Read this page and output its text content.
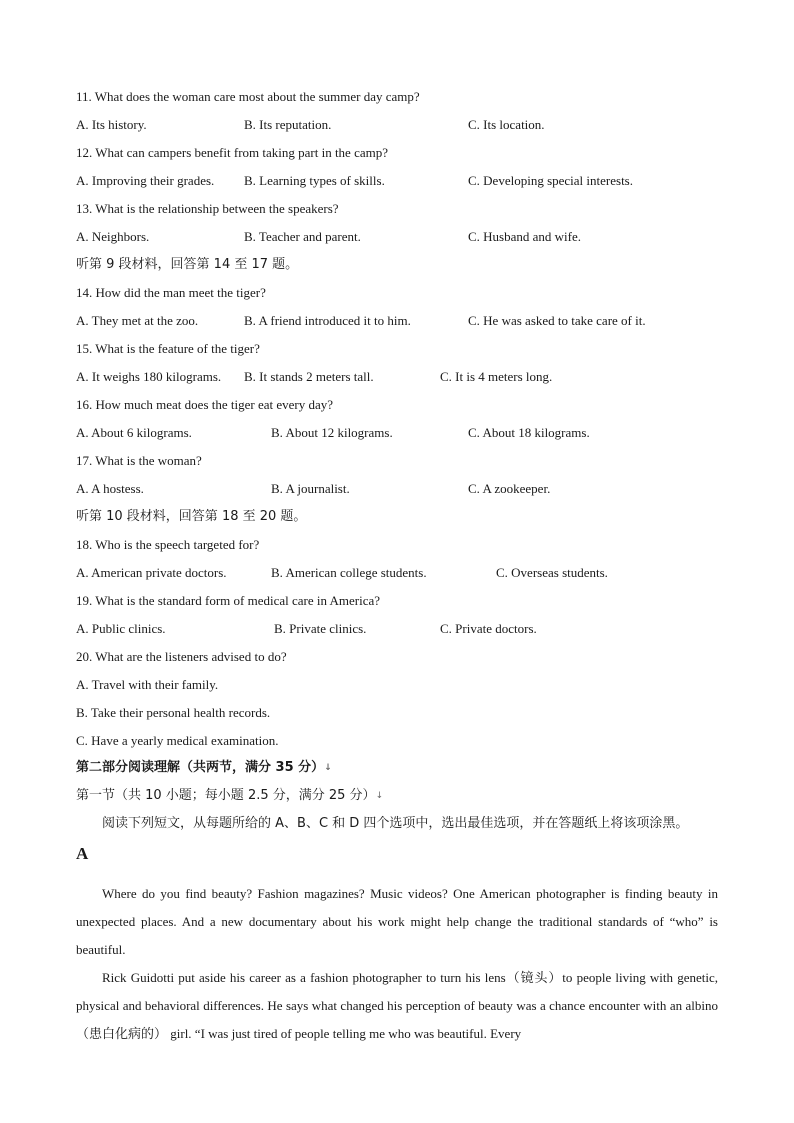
11. What does the woman care most about the summer day camp?
A. Its history.	B. Its reputation.	C. Its location.
12. What can campers benefit from taking part in the camp?
A. Improving their grades. B. Learning types of skills.	C. Developing special interests.
13. What is the relationship between the speakers?
A. Neighbors.	B. Teacher and parent.	C. Husband and wife.
听第 9 段材料，回答第 14 至 17 题。
14. How did the man meet the tiger?
A. They met at the zoo.	B. A friend introduced it to him.	C. He was asked to take care of it.
15. What is the feature of the tiger?
A. It weighs 180 kilograms. B. It stands 2 meters tall.	C. It is 4 meters long.
16. How much meat does the tiger eat every day?
A. About 6 kilograms.	B. About 12 kilograms.	C. About 18 kilograms.
17. What is the woman?
A. A hostess.	B. A journalist.	C. A zookeeper.
听第 10 段材料，回答第 18 至 20 题。
18. Who is the speech targeted for?
A. American private doctors.	B. American college students.	C. Overseas students.
19. What is the standard form of medical care in America?
A. Public clinics.	B. Private clinics.	C. Private doctors.
20. What are the listeners advised to do?
A. Travel with their family.
B. Take their personal health records.
C. Have a yearly medical examination.
第二部分阅读理解（共两节，满分 35 分）↓
第一节（共 10 小题；每小题 2.5 分，满分 25 分）↓
阅读下列短文，从每题所给的 A、B、C 和 D 四个选项中，选出最佳选项，并在答题纸上将该项涂黑。
A
Where do you find beauty? Fashion magazines? Music videos? One American photographer is finding beauty in unexpected places. And a new documentary about his work might help change the traditional standards of “who” is beautiful.
Rick Guidotti put aside his career as a fashion photographer to turn his lens（镜头）to people living with genetic, physical and behavioral differences. He says what changed his perception of beauty was a chance encounter with an albino（患白化病的） girl. “I was just tired of people telling me who was beautiful. Every
